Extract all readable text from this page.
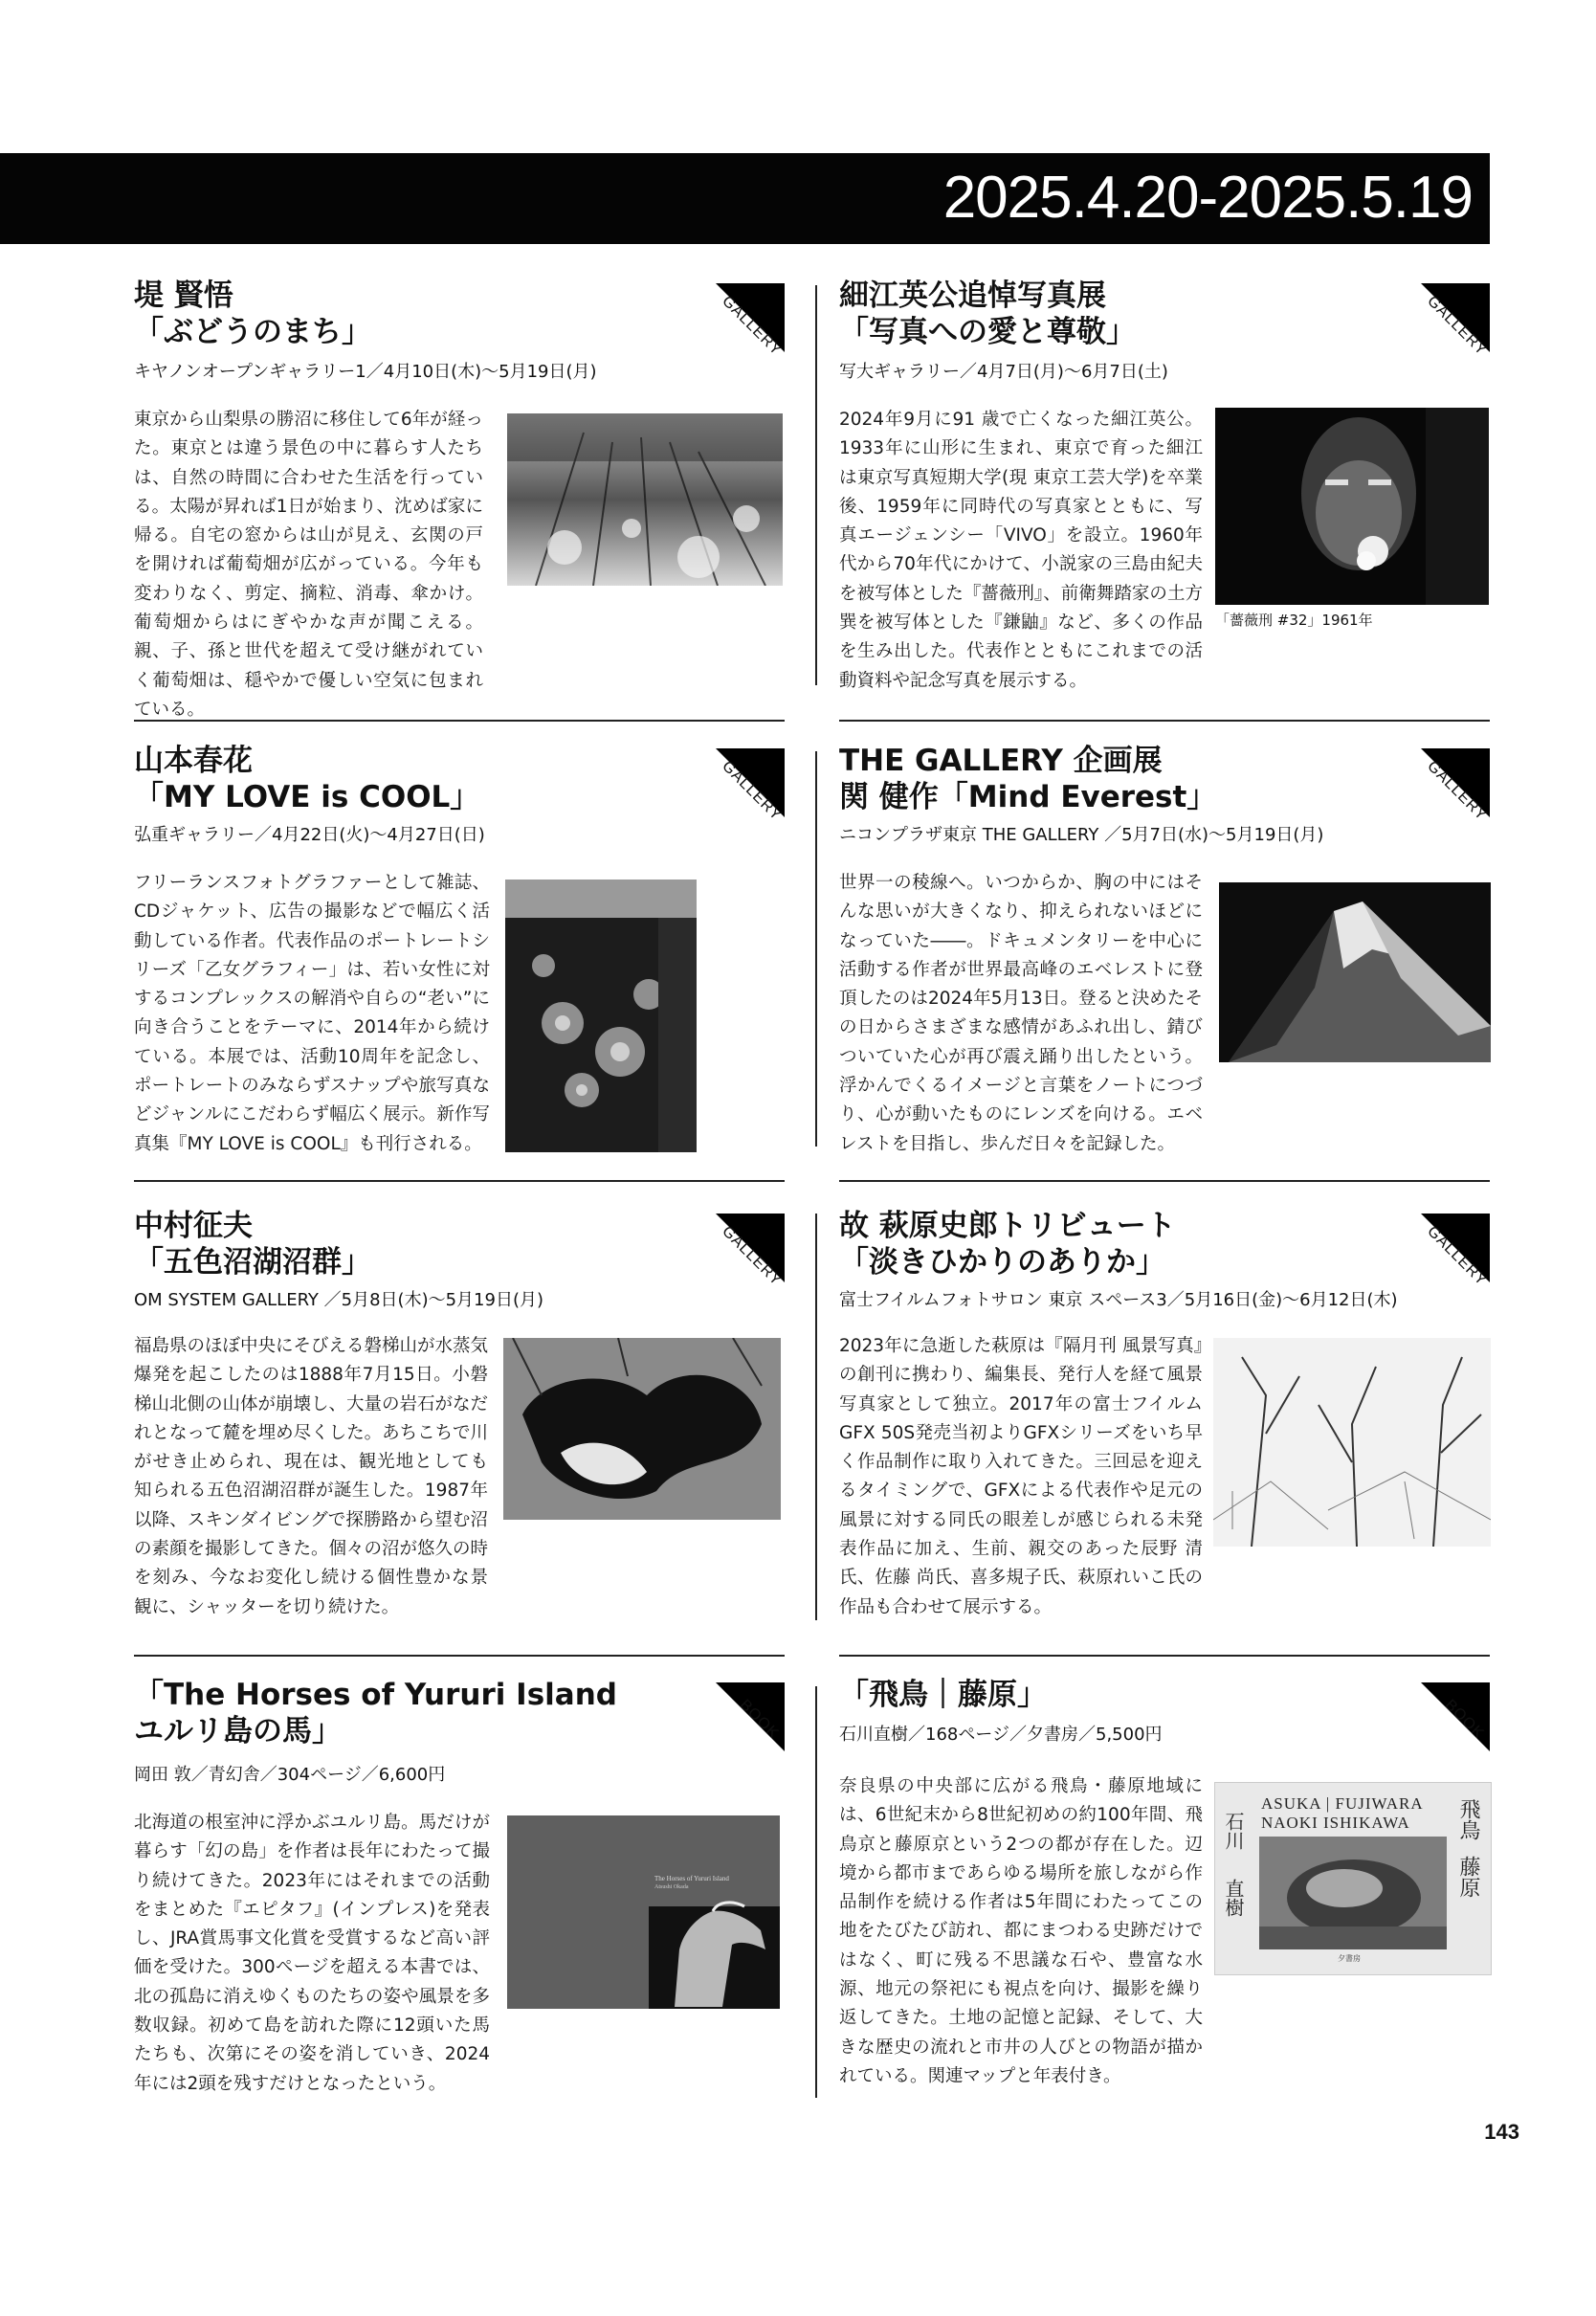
2025.4.20-2025.5.19
堤 賢悟
「ぶどうのまち」	GALLERY
キヤノンオープンギャラリー1／4月10日(木)～5月19日(月)
東京から山梨県の勝沼に移住して6年が経った。東京とは違う景色の中に暮らす人たちは、自然の時間に合わせた生活を行っている。太陽が昇れば1日が始まり、沈めば家に帰る。自宅の窓からは山が見え、玄関の戸を開ければ葡萄畑が広がっている。今年も変わりなく、剪定、摘粒、消毒、傘かけ。葡萄畑からはにぎやかな声が聞こえる。親、子、孫と世代を超えて受け継がれていく葡萄畑は、穏やかで優しい空気に包まれている。
細江英公追悼写真展
「写真への愛と尊敬」	GALLERY
写大ギャラリー／4月7日(月)～6月7日(土)
2024年9月に91 歳で亡くなった細江英公。1933年に山形に生まれ、東京で育った細江は東京写真短期大学(現 東京工芸大学)を卒業後、1959年に同時代の写真家とともに、写真エージェンシー「VIVO」を設立。1960年代から70年代にかけて、小説家の三島由紀夫を被写体とした『薔薇刑』、前衛舞踏家の土方巽を被写体とした『鎌鼬』など、多くの作品を生み出した。代表作とともにこれまでの活動資料や記念写真を展示する。
「薔薇刑 #32」1961年
山本春花
「MY LOVE is COOL」	GALLERY
弘重ギャラリー／4月22日(火)～4月27日(日)
フリーランスフォトグラファーとして雑誌、CDジャケット、広告の撮影などで幅広く活動している作者。代表作品のポートレートシリーズ「乙女グラフィー」は、若い女性に対するコンプレックスの解消や自らの“老い”に向き合うことをテーマに、2014年から続けている。本展では、活動10周年を記念し、ポートレートのみならずスナップや旅写真などジャンルにこだわらず幅広く展示。新作写真集『MY LOVE is COOL』も刊行される。
THE GALLERY 企画展
関 健作「Mind Everest」	GALLERY
ニコンプラザ東京 THE GALLERY ／5月7日(水)～5月19日(月)
世界一の稜線へ。いつからか、胸の中にはそんな思いが大きくなり、抑えられないほどになっていた――。ドキュメンタリーを中心に活動する作者が世界最高峰のエベレストに登頂したのは2024年5月13日。登ると決めたその日からさまざまな感情があふれ出し、錆びついていた心が再び震え踊り出したという。浮かんでくるイメージと言葉をノートにつづり、心が動いたものにレンズを向ける。エベレストを目指し、歩んだ日々を記録した。
中村征夫
「五色沼湖沼群」	GALLERY
OM SYSTEM GALLERY ／5月8日(木)～5月19日(月)
福島県のほぼ中央にそびえる磐梯山が水蒸気爆発を起こしたのは1888年7月15日。小磐梯山北側の山体が崩壊し、大量の岩石がなだれとなって麓を埋め尽くした。あちこちで川がせき止められ、現在は、観光地としても知られる五色沼湖沼群が誕生した。1987年以降、スキンダイビングで探勝路から望む沼の素顔を撮影してきた。個々の沼が悠久の時を刻み、今なお変化し続ける個性豊かな景観に、シャッターを切り続けた。
故 萩原史郎トリビュート
「淡きひかりのありか」	GALLERY
富士フイルムフォトサロン 東京 スペース3／5月16日(金)～6月12日(木)
2023年に急逝した萩原は『隔月刊 風景写真』の創刊に携わり、編集長、発行人を経て風景写真家として独立。2017年の富士フイルムGFX 50S発売当初よりGFXシリーズをいち早く作品制作に取り入れてきた。三回忌を迎えるタイミングで、GFXによる代表作や足元の風景に対する同氏の眼差しが感じられる未発表作品に加え、生前、親交のあった辰野 清氏、佐藤 尚氏、喜多規子氏、萩原れいこ氏の作品も合わせて展示する。
「The Horses of Yururi Island
ユルリ島の馬」	BOOK
岡田 敦／青幻舎／304ページ／6,600円
北海道の根室沖に浮かぶユルリ島。馬だけが暮らす「幻の島」を作者は長年にわたって撮り続けてきた。2023年にはそれまでの活動をまとめた『エピタフ』(インプレス)を発表し、JRA賞馬事文化賞を受賞するなど高い評価を受けた。300ページを超える本書では、北の孤島に消えゆくものたちの姿や風景を多数収録。初めて島を訪れた際に12頭いた馬たちも、次第にその姿を消していき、2024年には2頭を残すだけとなったという。
The Horses of Yururi Island
Atsushi Okada
「飛鳥｜藤原」
BOOK
石川直樹／168ページ／夕書房／5,500円
奈良県の中央部に広がる飛鳥・藤原地域には、6世紀末から8世紀初めの約100年間、飛鳥京と藤原京という2つの都が存在した。辺境から都市まであらゆる場所を旅しながら作品制作を続ける作者は5年間にわたってこの地をたびたび訪れ、都にまつわる史跡だけではなく、町に残る不思議な石や、豊富な水源、地元の祭祀にも視点を向け、撮影を繰り返してきた。土地の記憶と記録、そして、大きな歴史の流れと市井の人びとの物語が描かれている。関連マップと年表付き。
ASUKA | FUJIWARA
NAOKI ISHIKAWA 飛鳥
藤原
石川
直樹
夕書房
143
